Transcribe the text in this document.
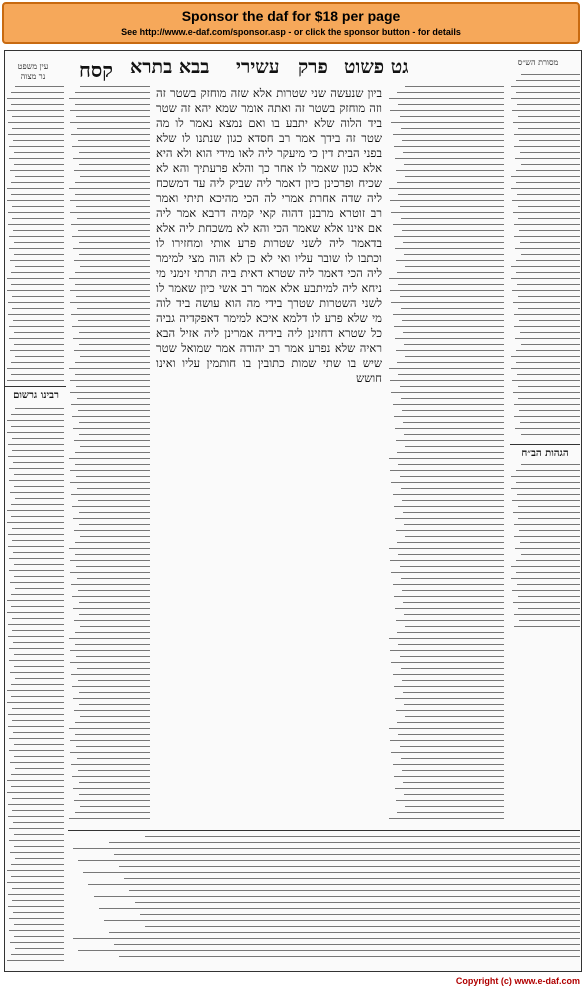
Sponsor the daf for $18 per page
See http://www.e-daf.com/sponsor.asp - or click the sponsor button - for details
קסח בבא בתרא עשירי פרק גט פשוט	מסורת הש״ס
עין משפט
נר מצוה
רבינו גרשום
ביון שנעשה שני שטרות אלא שזה מוחזק בשטר זה וזה מוחזק בשטר זה ואתה אומר שמא יהא זה שטר ביד הלוה שלא יתבע בו ואם נמצא נאמר לו מה שטר זה בידך אמר רב חסדא כגון שנתנו לו שלא בפני הבית דין כי מיעקר ליה לאו מידי הוא ולא היא אלא כגון שאמר לו אחר כך והלא פרעתיך והא לא שכיח ופרכינן כיון דאמר ליה שביק ליה עד דמשכח ליה שדה אחרת אמרי לה הכי מהיכא תיתי ואמר רב זוטרא מרבנן דהוה קאי קמיה דרבא אמר ליה אם אינו אלא שאמר הכי והא לא משכחת ליה אלא בדאמר ליה לשני שטרות פרע אותי ומחזירו לו וכתבו לו שובר עליו ואי לא כן לא הוה מצי למימר ליה הכי דאמר ליה שטרא דאית ביה תרתי זימני מי ניחא ליה למיתבע אלא אמר רב אשי כיון שאמר לו לשני השטרות שטרך בידי מה הוא עושה ביד לוה מי שלא פרע לו דלמא איכא למימר דאפקדיה גביה כל שטרא דחזינן ליה בידיה אמרינן ליה אזיל הבא ראיה שלא נפרע אמר רב יהודה אמר שמואל שטר שיש בו שתי שמות כתובין בו חותמין עליו ואינו חושש
הגהות הב״ח
Copyright (c) www.e-daf.com
